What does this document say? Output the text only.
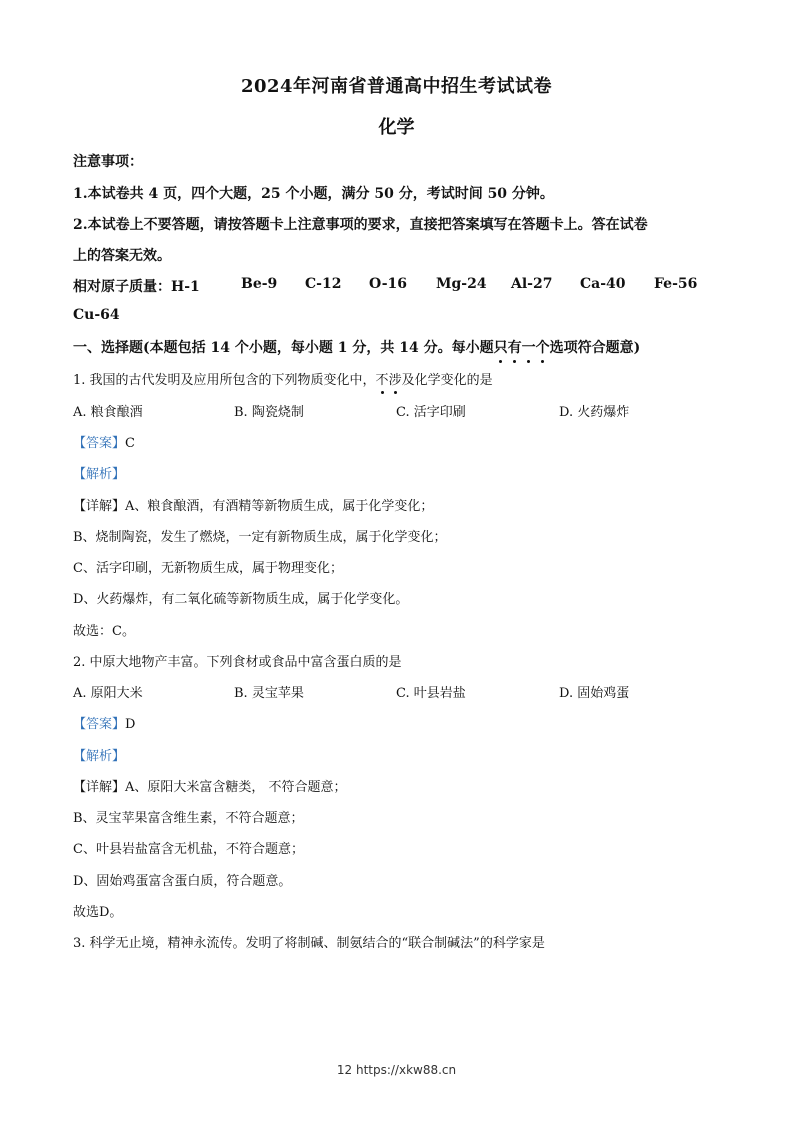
2024年河南省普通高中招生考试试卷
化学
注意事项：
1.本试卷共 4 页，四个大题，25 个小题，满分 50 分，考试时间 50 分钟。
2.本试卷上不要答题，请按答题卡上注意事项的要求，直接把答案填写在答题卡上。答在试卷
上的答案无效。
相对原子质量：H-1	Be-9 C-12 O-16 Mg-24 Al-27 Ca-40 Fe-56
Cu-64
一、选择题(本题包括 14 个小题，每小题 1 分，共 14 分。每小题只有一个选项符合题意)
1. 我国的古代发明及应用所包含的下列物质变化中，不涉及化学变化的是
A. 粮食酿酒	B. 陶瓷烧制	C. 活字印刷	D. 火药爆炸
【答案】C
【解析】
【详解】A、粮食酿酒，有酒精等新物质生成，属于化学变化；
B、烧制陶瓷，发生了燃烧，一定有新物质生成，属于化学变化；
C、活字印刷，无新物质生成，属于物理变化；
D、火药爆炸，有二氧化硫等新物质生成，属于化学变化。
故选：C。
2. 中原大地物产丰富。下列食材或食品中富含蛋白质的是
A. 原阳大米	B. 灵宝苹果	C. 叶县岩盐	D. 固始鸡蛋
【答案】D
【解析】
【详解】A、原阳大米富含糖类， 不符合题意；
B、灵宝苹果富含维生素，不符合题意；
C、叶县岩盐富含无机盐，不符合题意；
D、固始鸡蛋富含蛋白质，符合题意。
故选D。
3. 科学无止境，精神永流传。发明了将制碱、制氨结合的“联合制碱法”的科学家是
12 https://xkw88.cn
